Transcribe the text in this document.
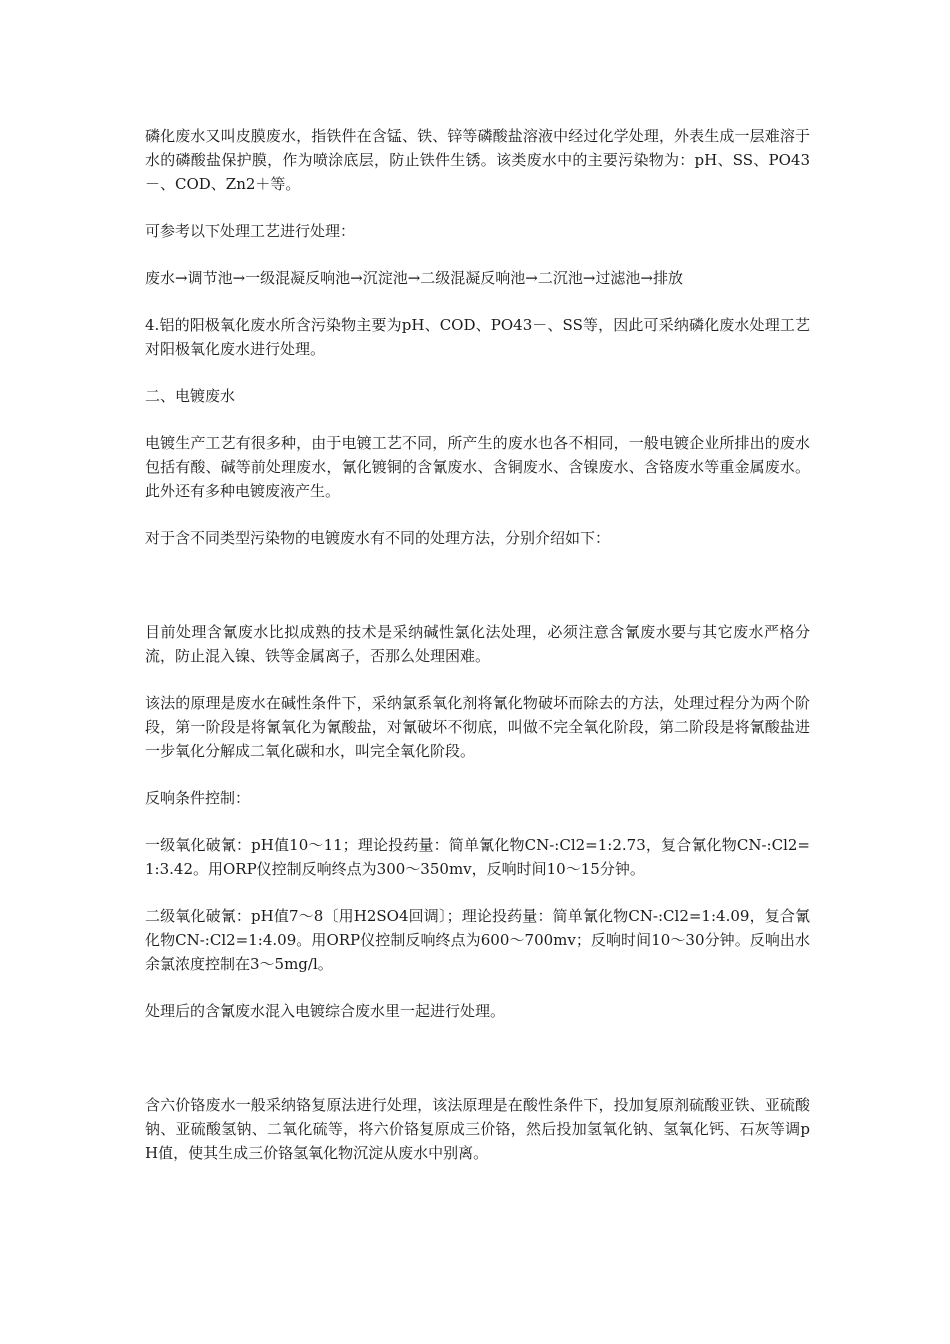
磷化废水又叫皮膜废水，指铁件在含锰、铁、锌等磷酸盐溶液中经过化学处理，外表生成一层难溶于水的磷酸盐保护膜，作为喷涂底层，防止铁件生锈。该类废水中的主要污染物为：pH、SS、PO43－、COD、Zn2＋等。

可参考以下处理工艺进行处理：

废水→调节池→一级混凝反响池→沉淀池→二级混凝反响池→二沉池→过滤池→排放

4.铝的阳极氧化废水所含污染物主要为pH、COD、PO43－、SS等，因此可采纳磷化废水处理工艺对阳极氧化废水进行处理。

二、电镀废水

电镀生产工艺有很多种，由于电镀工艺不同，所产生的废水也各不相同，一般电镀企业所排出的废水包括有酸、碱等前处理废水，氰化镀铜的含氰废水、含铜废水、含镍废水、含铬废水等重金属废水。此外还有多种电镀废液产生。

对于含不同类型污染物的电镀废水有不同的处理方法，分别介绍如下：

目前处理含氰废水比拟成熟的技术是采纳碱性氯化法处理，必须注意含氰废水要与其它废水严格分流，防止混入镍、铁等金属离子，否那么处理困难。

该法的原理是废水在碱性条件下，采纳氯系氧化剂将氰化物破坏而除去的方法，处理过程分为两个阶段，第一阶段是将氰氧化为氰酸盐，对氰破坏不彻底，叫做不完全氧化阶段，第二阶段是将氰酸盐进一步氧化分解成二氧化碳和水，叫完全氧化阶段。

反响条件控制：

一级氧化破氰：pH值10～11；理论投药量：简单氰化物CN-:Cl2=1:2.73，复合氰化物CN-:Cl2=1:3.42。用ORP仪控制反响终点为300～350mv，反响时间10～15分钟。

二级氧化破氰：pH值7～8〔用H2SO4回调〕；理论投药量：简单氰化物CN-:Cl2=1:4.09，复合氰化物CN-:Cl2=1:4.09。用ORP仪控制反响终点为600～700mv；反响时间10～30分钟。反响出水余氯浓度控制在3～5mg/l。

处理后的含氰废水混入电镀综合废水里一起进行处理。

含六价铬废水一般采纳铬复原法进行处理，该法原理是在酸性条件下，投加复原剂硫酸亚铁、亚硫酸钠、亚硫酸氢钠、二氧化硫等，将六价铬复原成三价铬，然后投加氢氧化钠、氢氧化钙、石灰等调pH值，使其生成三价铬氢氧化物沉淀从废水中别离。
